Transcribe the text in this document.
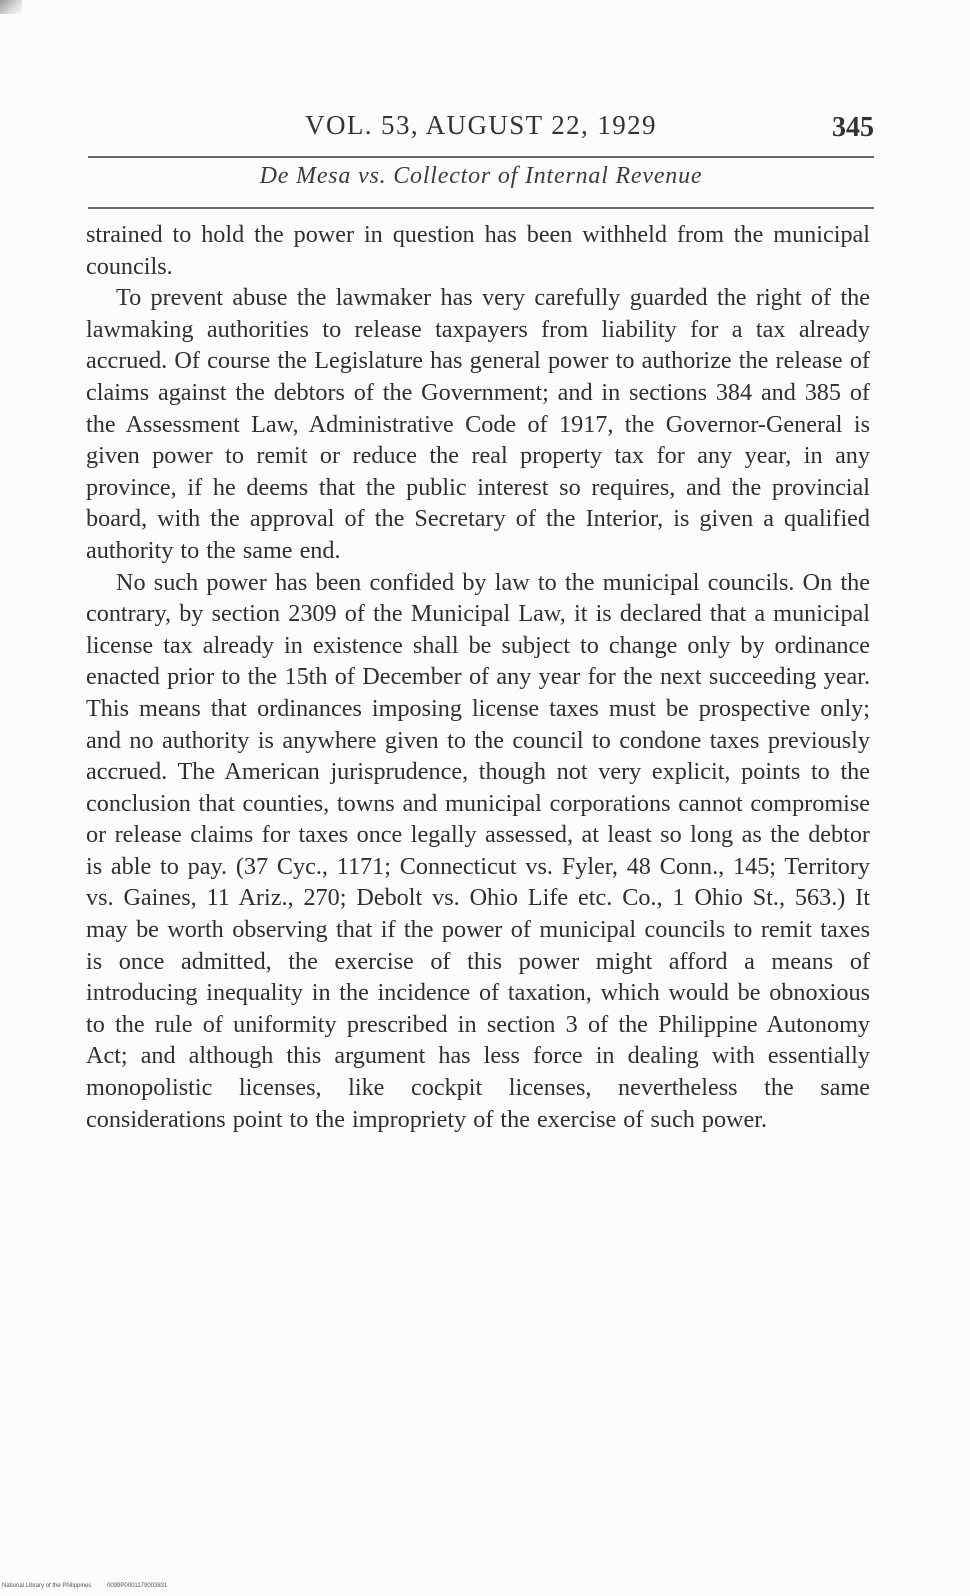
VOL. 53, AUGUST 22, 1929	345
De Mesa vs. Collector of Internal Revenue

strained to hold the power in question has been withheld from the municipal councils.

To prevent abuse the lawmaker has very carefully guarded the right of the lawmaking authorities to release taxpayers from liability for a tax already accrued. Of course the Legislature has general power to authorize the release of claims against the debtors of the Government; and in sections 384 and 385 of the Assessment Law, Administrative Code of 1917, the Governor-General is given power to remit or reduce the real property tax for any year, in any province, if he deems that the public interest so requires, and the provincial board, with the approval of the Secretary of the Interior, is given a qualified authority to the same end.

No such power has been confided by law to the municipal councils. On the contrary, by section 2309 of the Municipal Law, it is declared that a municipal license tax already in existence shall be subject to change only by ordinance enacted prior to the 15th of December of any year for the next succeeding year. This means that ordinances imposing license taxes must be prospective only; and no authority is anywhere given to the council to condone taxes previously accrued. The American jurisprudence, though not very explicit, points to the conclusion that counties, towns and municipal corporations cannot compromise or release claims for taxes once legally assessed, at least so long as the debtor is able to pay. (37 Cyc., 1171; Connecticut vs. Fyler, 48 Conn., 145; Territory vs. Gaines, 11 Ariz., 270; Debolt vs. Ohio Life etc. Co., 1 Ohio St., 563.) It may be worth observing that if the power of municipal councils to remit taxes is once admitted, the exercise of this power might afford a means of introducing inequality in the incidence of taxation, which would be obnoxious to the rule of uniformity prescribed in section 3 of the Philippine Autonomy Act; and although this argument has less force in dealing with essentially monopolistic licenses, like cockpit licenses, nevertheless the same considerations point to the impropriety of the exercise of such power.

National Library of the Philippines	0099P0001179003831
